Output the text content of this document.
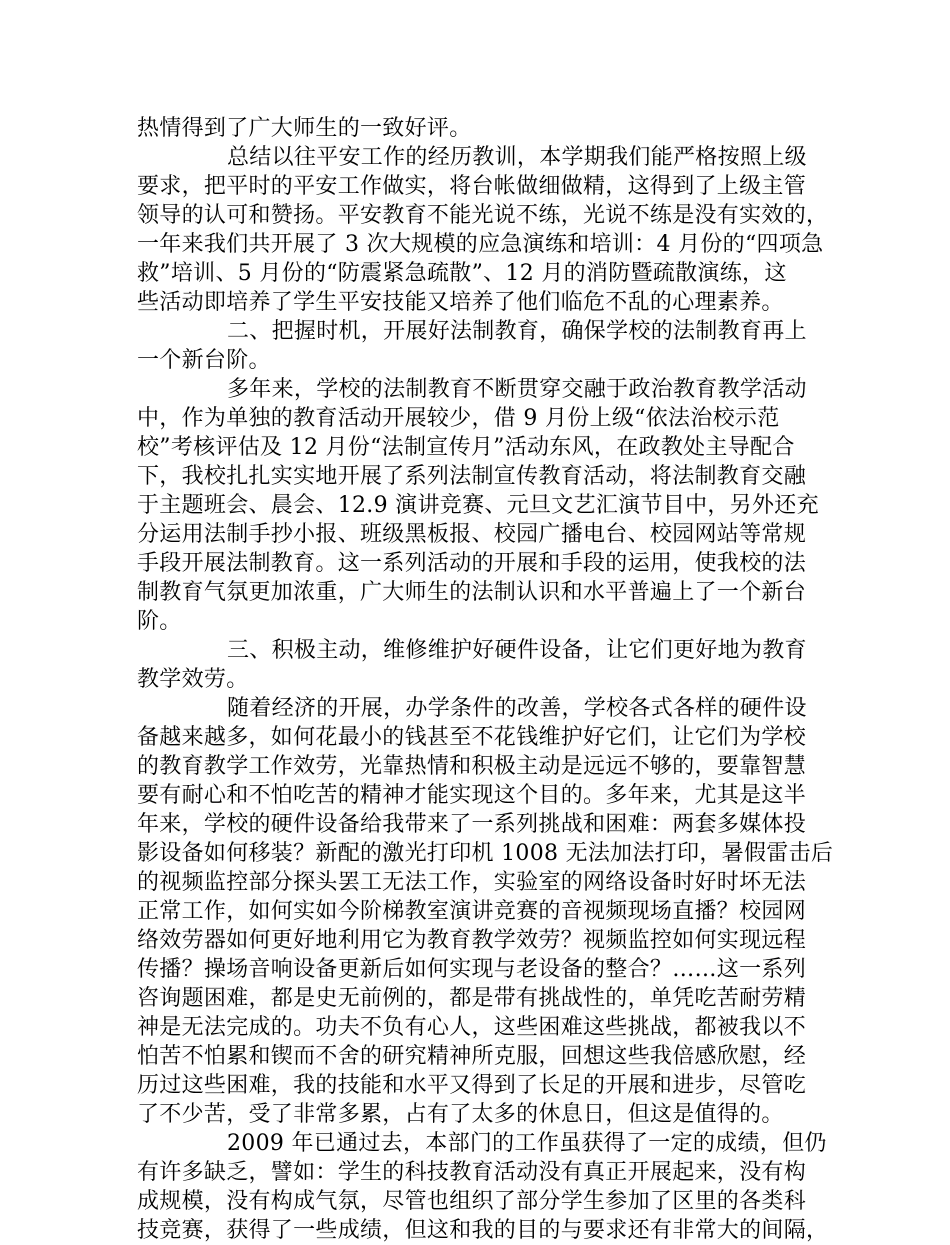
热情得到了广大师生的一致好评。
总结以往平安工作的经历教训，本学期我们能严格按照上级
要求，把平时的平安工作做实，将台帐做细做精，这得到了上级主管
领导的认可和赞扬。平安教育不能光说不练，光说不练是没有实效的，
一年来我们共开展了 3 次大规模的应急演练和培训：4 月份的“四项急
救”培训、5 月份的“防震紧急疏散”、12 月的消防暨疏散演练，这
些活动即培养了学生平安技能又培养了他们临危不乱的心理素养。
二、把握时机，开展好法制教育，确保学校的法制教育再上
一个新台阶。
多年来，学校的法制教育不断贯穿交融于政治教育教学活动
中，作为单独的教育活动开展较少，借 9 月份上级“依法治校示范
校”考核评估及 12 月份“法制宣传月”活动东风，在政教处主导配合
下，我校扎扎实实地开展了系列法制宣传教育活动，将法制教育交融
于主题班会、晨会、12.9 演讲竞赛、元旦文艺汇演节目中，另外还充
分运用法制手抄小报、班级黑板报、校园广播电台、校园网站等常规
手段开展法制教育。这一系列活动的开展和手段的运用，使我校的法
制教育气氛更加浓重，广大师生的法制认识和水平普遍上了一个新台
阶。
三、积极主动，维修维护好硬件设备，让它们更好地为教育
教学效劳。
随着经济的开展，办学条件的改善，学校各式各样的硬件设
备越来越多，如何花最小的钱甚至不花钱维护好它们，让它们为学校
的教育教学工作效劳，光靠热情和积极主动是远远不够的，要靠智慧
要有耐心和不怕吃苦的精神才能实现这个目的。多年来，尤其是这半
年来，学校的硬件设备给我带来了一系列挑战和困难：两套多媒体投
影设备如何移装？新配的激光打印机 1008 无法加法打印，暑假雷击后
的视频监控部分探头罢工无法工作，实验室的网络设备时好时坏无法
正常工作，如何实如今阶梯教室演讲竞赛的音视频现场直播？校园网
络效劳器如何更好地利用它为教育教学效劳？视频监控如何实现远程
传播？操场音响设备更新后如何实现与老设备的整合？……这一系列
咨询题困难，都是史无前例的，都是带有挑战性的，单凭吃苦耐劳精
神是无法完成的。功夫不负有心人，这些困难这些挑战，都被我以不
怕苦不怕累和锲而不舍的研究精神所克服，回想这些我倍感欣慰，经
历过这些困难，我的技能和水平又得到了长足的开展和进步，尽管吃
了不少苦，受了非常多累，占有了太多的休息日，但这是值得的。
2009 年已通过去，本部门的工作虽获得了一定的成绩，但仍
有许多缺乏，譬如：学生的科技教育活动没有真正开展起来，没有构
成规模，没有构成气氛，尽管也组织了部分学生参加了区里的各类科
技竞赛，获得了一些成绩，但这和我的目的与要求还有非常大的间隔，
